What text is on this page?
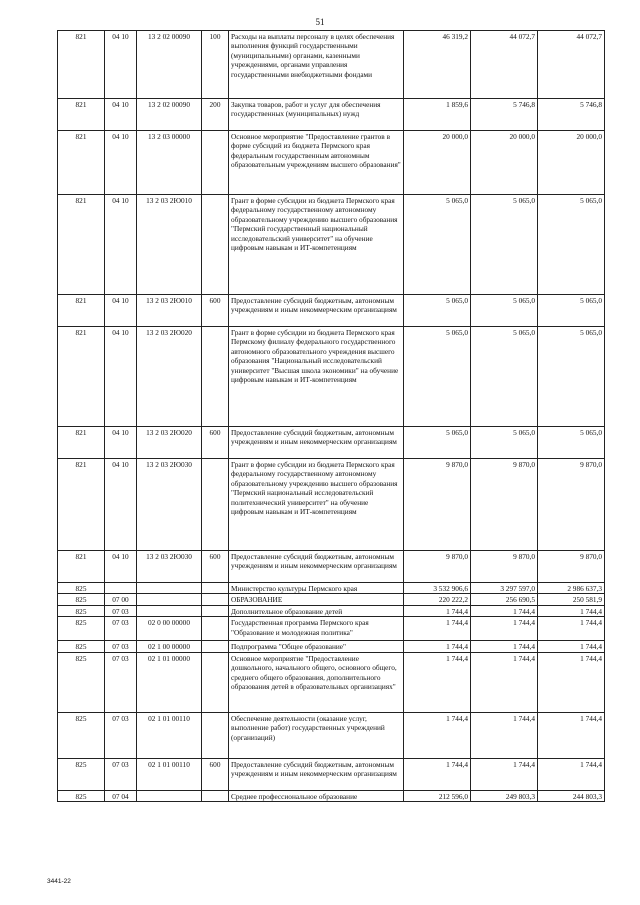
51
821	04 10	13 2 02 00090	100	Расходы на выплаты персоналу в целях обеспечения выполнения функций государственными (муниципальными) органами, казенными учреждениями, органами управления государственными внебюджетными фондами	46 319,2	44 072,7	44 072,7
821	04 10	13 2 02 00090	200	Закупка товаров, работ и услуг для обеспечения государственных (муниципальных) нужд	1 859,6	5 746,8	5 746,8
821	04 10	13 2 03 00000		Основное мероприятие "Предоставление грантов в форме субсидий из бюджета Пермского края федеральным государственным автономным образовательным учреждениям высшего образования"	20 000,0	20 000,0	20 000,0
821	04 10	13 2 03 2Ю010		Грант в форме субсидии из бюджета Пермского края федеральному государственному автономному образовательному учреждению высшего образования "Пермский государственный национальный исследовательский университет" на обучение цифровым навыкам и ИТ-компетенциям	5 065,0	5 065,0	5 065,0
821	04 10	13 2 03 2Ю010	600	Предоставление субсидий бюджетным, автономным учреждениям и иным некоммерческим организациям	5 065,0	5 065,0	5 065,0
821	04 10	13 2 03 2Ю020		Грант в форме субсидии из бюджета Пермского края Пермскому филиалу федерального государственного автономного образовательного учреждения высшего образования "Национальный исследовательский университет "Высшая школа экономики" на обучение цифровым навыкам и ИТ-компетенциям	5 065,0	5 065,0	5 065,0
821	04 10	13 2 03 2Ю020	600	Предоставление субсидий бюджетным, автономным учреждениям и иным некоммерческим организациям	5 065,0	5 065,0	5 065,0
821	04 10	13 2 03 2Ю030		Грант в форме субсидии из бюджета Пермского края федеральному государственному автономному образовательному учреждению высшего образования "Пермский национальный исследовательский политехнический университет" на обучение цифровым навыкам и ИТ-компетенциям	9 870,0	9 870,0	9 870,0
821	04 10	13 2 03 2Ю030	600	Предоставление субсидий бюджетным, автономным учреждениям и иным некоммерческим организациям	9 870,0	9 870,0	9 870,0
825				Министерство культуры Пермского края	3 532 906,6	3 297 597,0	2 986 637,3
825	07 00			ОБРАЗОВАНИЕ	220 222,2	256 690,5	250 581,9
825	07 03			Дополнительное образование детей	1 744,4	1 744,4	1 744,4
825	07 03	02 0 00 00000		Государственная программа Пермского края "Образование и молодежная политика"	1 744,4	1 744,4	1 744,4
825	07 03	02 1 00 00000		Подпрограмма "Общее образование"	1 744,4	1 744,4	1 744,4
825	07 03	02 1 01 00000		Основное мероприятие "Предоставление дошкольного, начального общего, основного общего, среднего общего образования, дополнительного образования детей в образовательных организациях"	1 744,4	1 744,4	1 744,4
825	07 03	02 1 01 00110		Обеспечение деятельности (оказание услуг, выполнение работ) государственных учреждений (организаций)	1 744,4	1 744,4	1 744,4
825	07 03	02 1 01 00110	600	Предоставление субсидий бюджетным, автономным учреждениям и иным некоммерческим организациям	1 744,4	1 744,4	1 744,4
825	07 04			Среднее профессиональное образование	212 596,0	249 803,3	244 803,3
3441-22
